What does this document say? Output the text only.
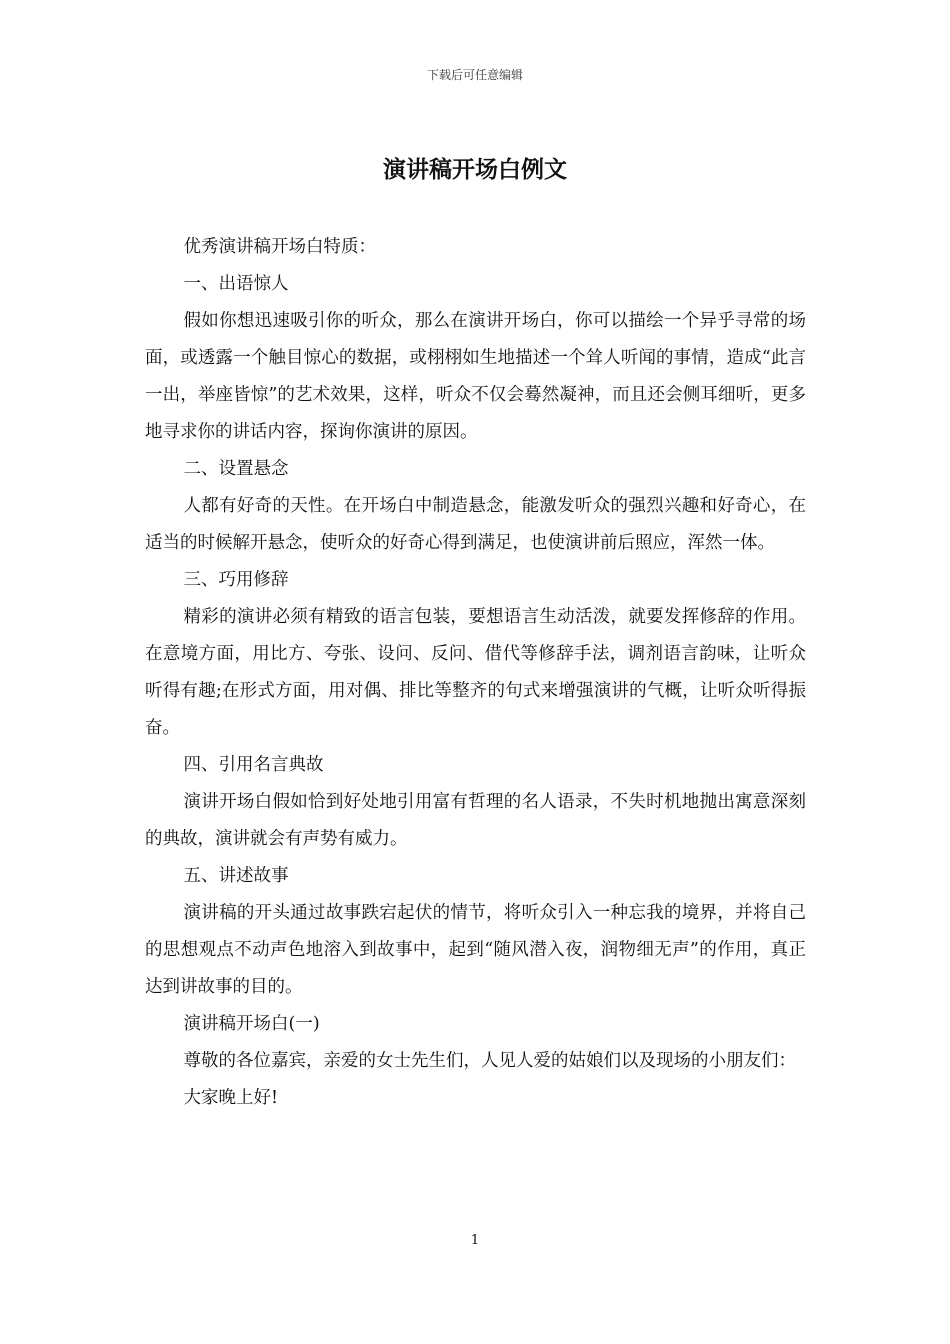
下载后可任意编辑
演讲稿开场白例文

优秀演讲稿开场白特质：

一、出语惊人

假如你想迅速吸引你的听众，那么在演讲开场白，你可以描绘一个异乎寻常的场面，或透露一个触目惊心的数据，或栩栩如生地描述一个耸人听闻的事情，造成“此言一出，举座皆惊”的艺术效果，这样，听众不仅会蓦然凝神，而且还会侧耳细听，更多地寻求你的讲话内容，探询你演讲的原因。

二、设置悬念

人都有好奇的天性。在开场白中制造悬念，能激发听众的强烈兴趣和好奇心，在适当的时候解开悬念，使听众的好奇心得到满足，也使演讲前后照应，浑然一体。

三、巧用修辞

精彩的演讲必须有精致的语言包装，要想语言生动活泼，就要发挥修辞的作用。在意境方面，用比方、夸张、设问、反问、借代等修辞手法，调剂语言韵味，让听众听得有趣;在形式方面，用对偶、排比等整齐的句式来增强演讲的气概，让听众听得振奋。

四、引用名言典故

演讲开场白假如恰到好处地引用富有哲理的名人语录，不失时机地抛出寓意深刻的典故，演讲就会有声势有威力。

五、讲述故事

演讲稿的开头通过故事跌宕起伏的情节，将听众引入一种忘我的境界，并将自己的思想观点不动声色地溶入到故事中，起到“随风潜入夜，润物细无声”的作用，真正达到讲故事的目的。

演讲稿开场白(一)

尊敬的各位嘉宾，亲爱的女士先生们，人见人爱的姑娘们以及现场的小朋友们：

大家晚上好!

1
